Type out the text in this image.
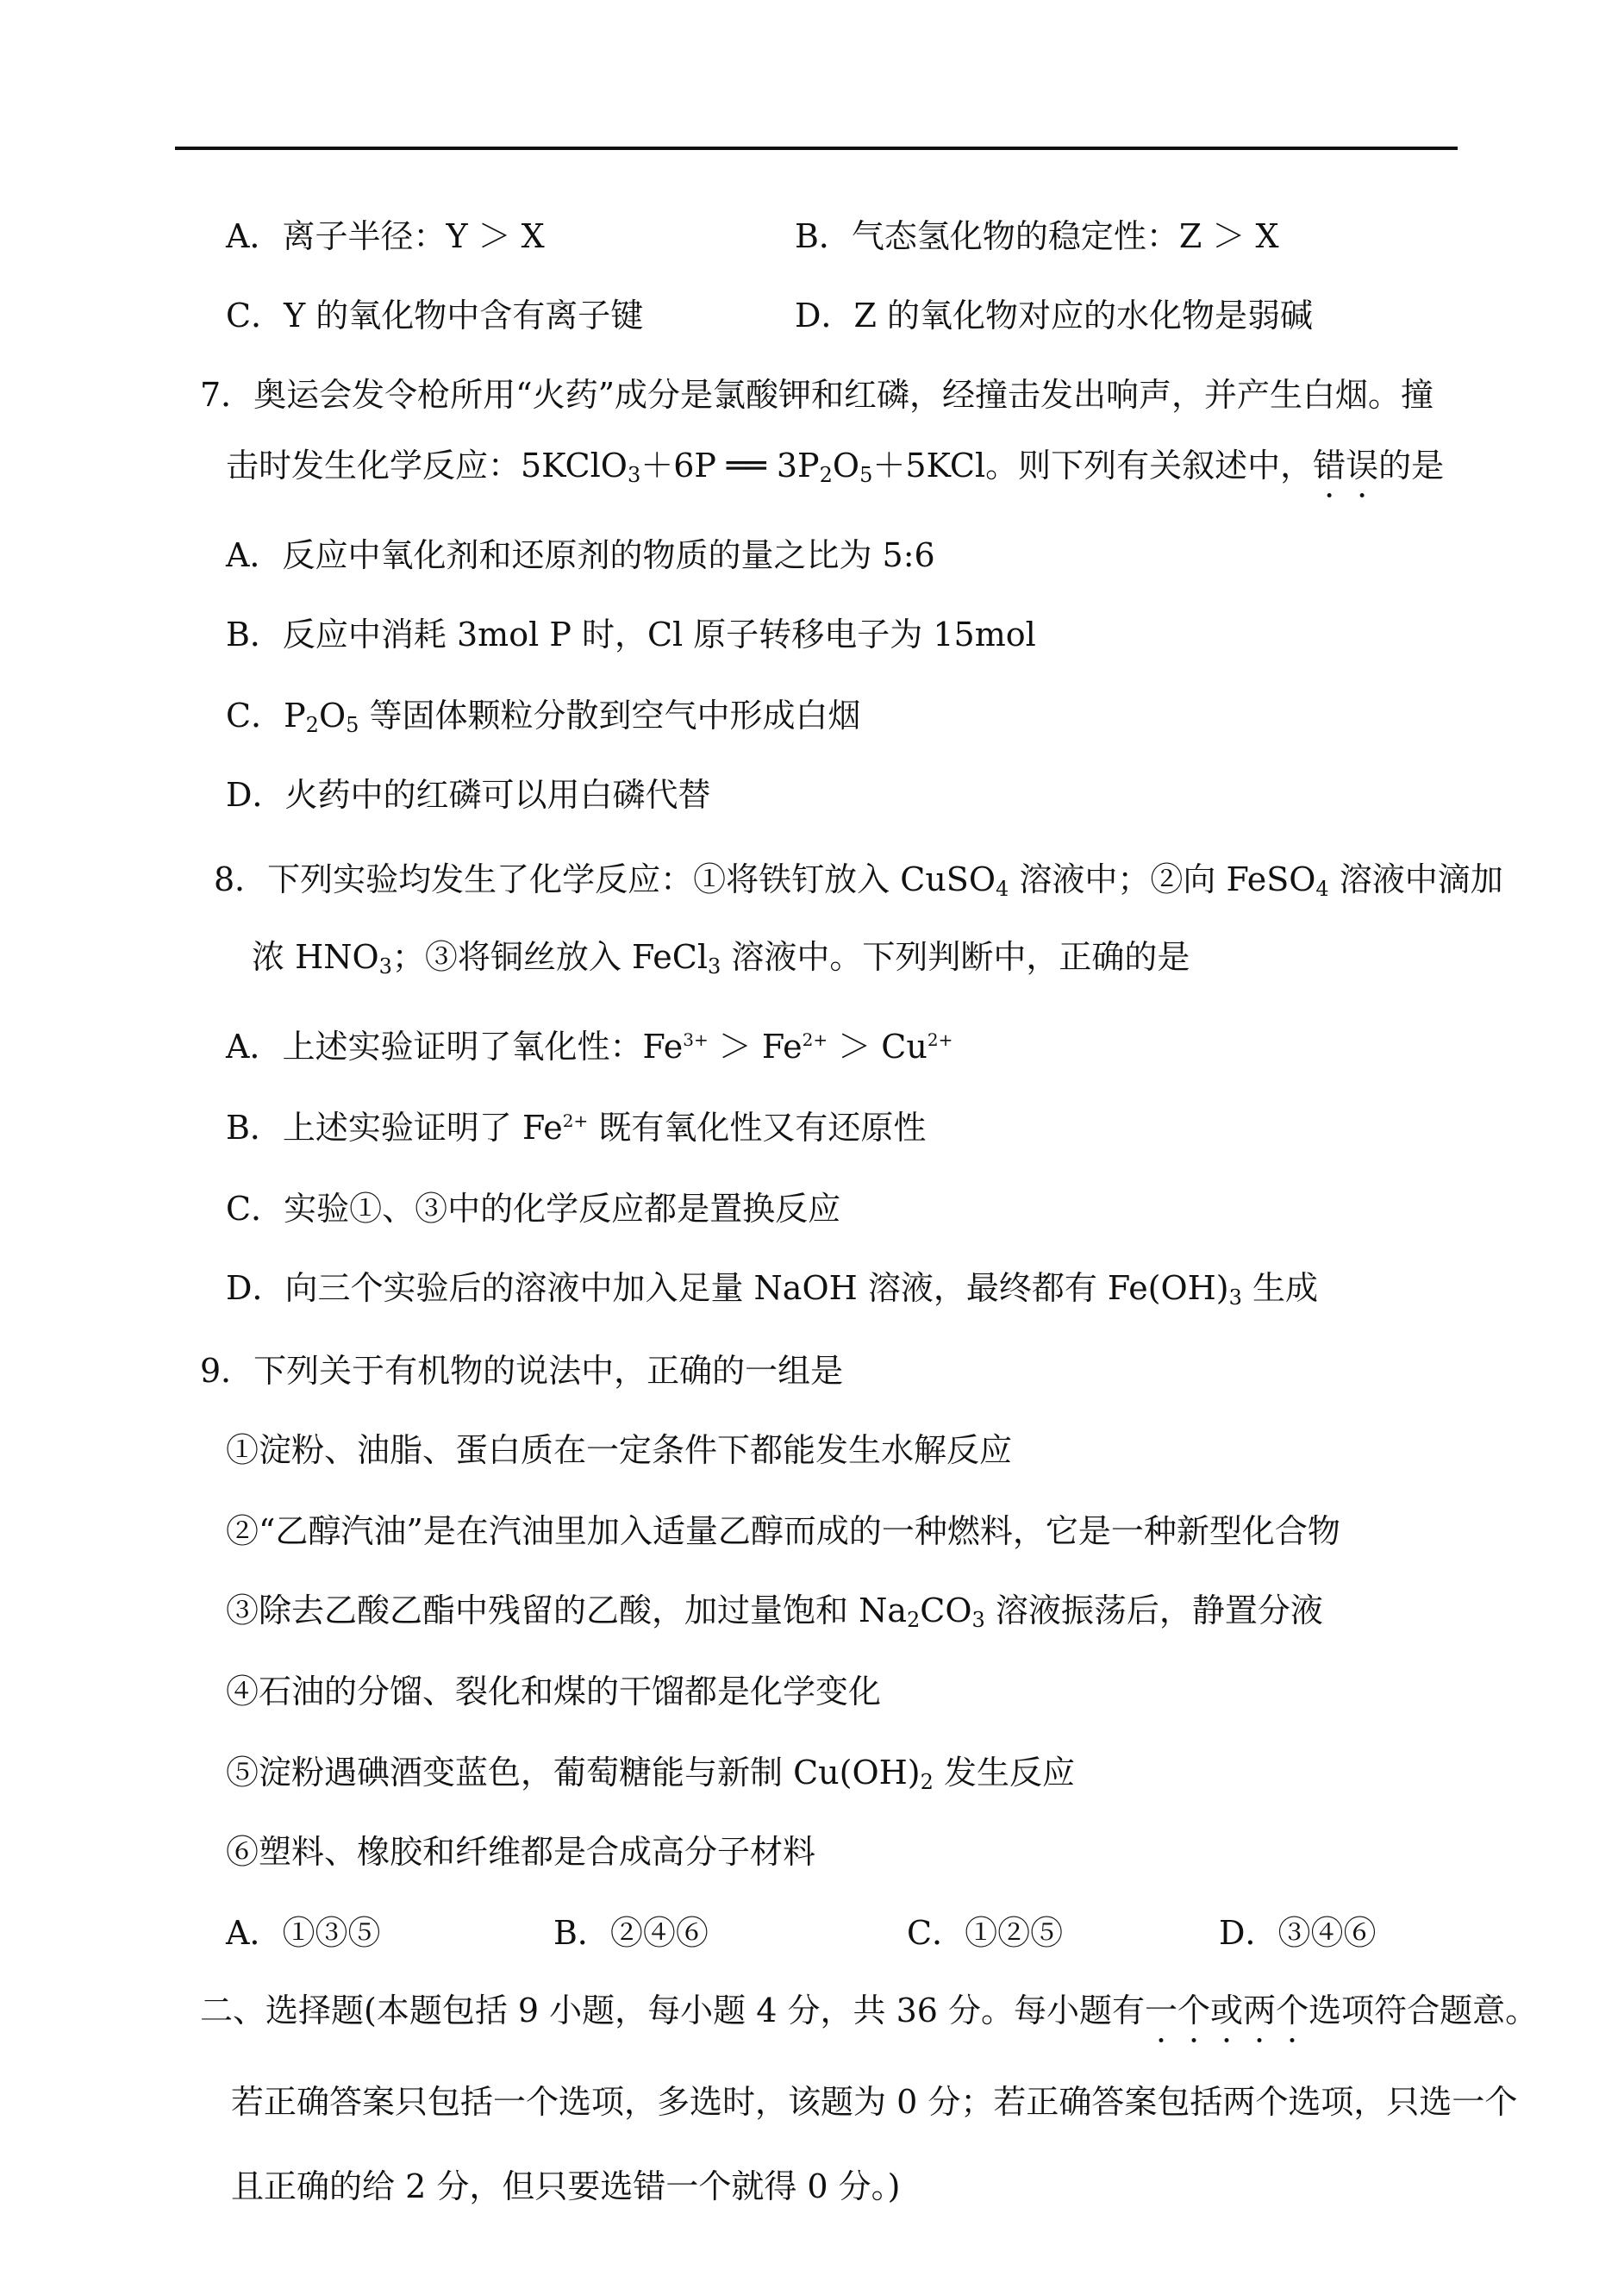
A．离子半径：Y ＞ X	B．气态氢化物的稳定性：Z ＞ X
C．Y 的氧化物中含有离子键	D．Z 的氧化物对应的水化物是弱碱
7．奥运会发令枪所用“火药”成分是氯酸钾和红磷，经撞击发出响声，并产生白烟。撞
击时发生化学反应：5KClO$_3$＋6P ══ $3P_2O_5+5KCl$。则下列有关叙述中，错误的是
A．反应中氧化剂和还原剂的物质的量之比为 5:6
B．反应中消耗 3mol P 时，Cl 原子转移电子为 15mol
C．$P_2O_5$ 等固体颗粒分散到空气中形成白烟
D．火药中的红磷可以用白磷代替
8．下列实验均发生了化学反应：①将铁钉放入 CuSO$_4$ 溶液中；②向 FeSO$_4$ 溶液中滴加
浓 $HNO_3$；③将铜丝放入 FeCl$_3$ 溶液中。下列判断中，正确的是
A．上述实验证明了氧化性：$Fe^{3+} > Fe^{2+} > Cu^{2+}$
B．上述实验证明了 $Fe^{2+}$ 既有氧化性又有还原性
C．实验①、③中的化学反应都是置换反应
D．向三个实验后的溶液中加入足量 NaOH 溶液，最终都有 $Fe(OH)_3$ 生成
9．下列关于有机物的说法中，正确的一组是
①淀粉、油脂、蛋白质在一定条件下都能发生水解反应
②“乙醇汽油”是在汽油里加入适量乙醇而成的一种燃料，它是一种新型化合物
③除去乙酸乙酯中残留的乙酸，加过量饱和 $Na_2CO_3$ 溶液振荡后，静置分液
④石油的分馏、裂化和煤的干馏都是化学变化
⑤淀粉遇碘酒变蓝色，葡萄糖能与新制 $Cu(OH)_2$ 发生反应
⑥塑料、橡胶和纤维都是合成高分子材料
A．①③⑤	B．②④⑥	C．①②⑤	D．③④⑥
二、选择题(本题包括 9 小题，每小题 4 分，共 36 分。每小题有一个或两个选项符合题意。
若正确答案只包括一个选项，多选时，该题为 0 分；若正确答案包括两个选项，只选一个
且正确的给 2 分，但只要选错一个就得 0 分。)
